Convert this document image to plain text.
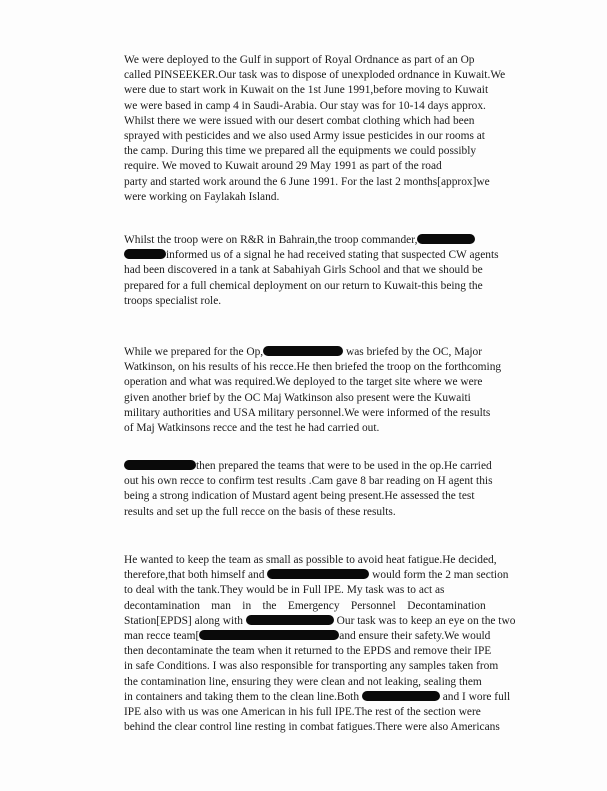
We were deployed to the Gulf in support of Royal Ordnance as part of an Op
called PINSEEKER.Our task was to dispose of unexploded ordnance in Kuwait.We
were due to start work in Kuwait on the 1st June 1991,before moving to Kuwait
we were based in camp 4 in Saudi-Arabia. Our stay was for 10-14 days approx.
Whilst there we were issued with our desert combat clothing which had been
sprayed with pesticides and we also used Army issue pesticides in our rooms at
the camp. During this time we prepared all the equipments we could possibly
require. We moved to Kuwait around 29 May 1991 as part of the road
party and started work around the 6 June 1991. For the last 2 months[approx]we
were working on Faylakah Island.
Whilst the troop were on R&R in Bahrain,the troop commander,
informed us of a signal he had received stating that suspected CW agents
had been discovered in a tank at Sabahiyah Girls School and that we should be
prepared for a full chemical deployment on our return to Kuwait-this being the
troops specialist role.
While we prepared for the Op,	was briefed by the OC, Major
Watkinson, on his results of his recce.He then briefed the troop on the forthcoming
operation and what was required.We deployed to the target site where we were
given another brief by the OC Maj Watkinson also present were the Kuwaiti
military authorities and USA military personnel.We were informed of the results
of Maj Watkinsons recce and the test he had carried out.
then prepared the teams that were to be used in the op.He carried
out his own recce to confirm test results .Cam gave 8 bar reading on H agent this
being a strong indication of Mustard agent being present.He assessed the test
results and set up the full recce on the basis of these results.
He wanted to keep the team as small as possible to avoid heat fatigue.He decided,
therefore,that both himself and	would form the 2 man section
to deal with the tank.They would be in Full IPE. My task was to act as
decontamination    man    in    the    Emergency    Personnel    Decontamination
Station[EPDS] along with	Our task was to keep an eye on the two
man recce team[	and ensure their safety.We would
then decontaminate the team when it returned to the EPDS and remove their IPE
in safe Conditions. I was also responsible for transporting any samples taken from
the contamination line, ensuring they were clean and not leaking, sealing them
in containers and taking them to the clean line.Both	and I wore full
IPE also with us was one American in his full IPE.The rest of the section were
behind the clear control line resting in combat fatigues.There were also Americans
